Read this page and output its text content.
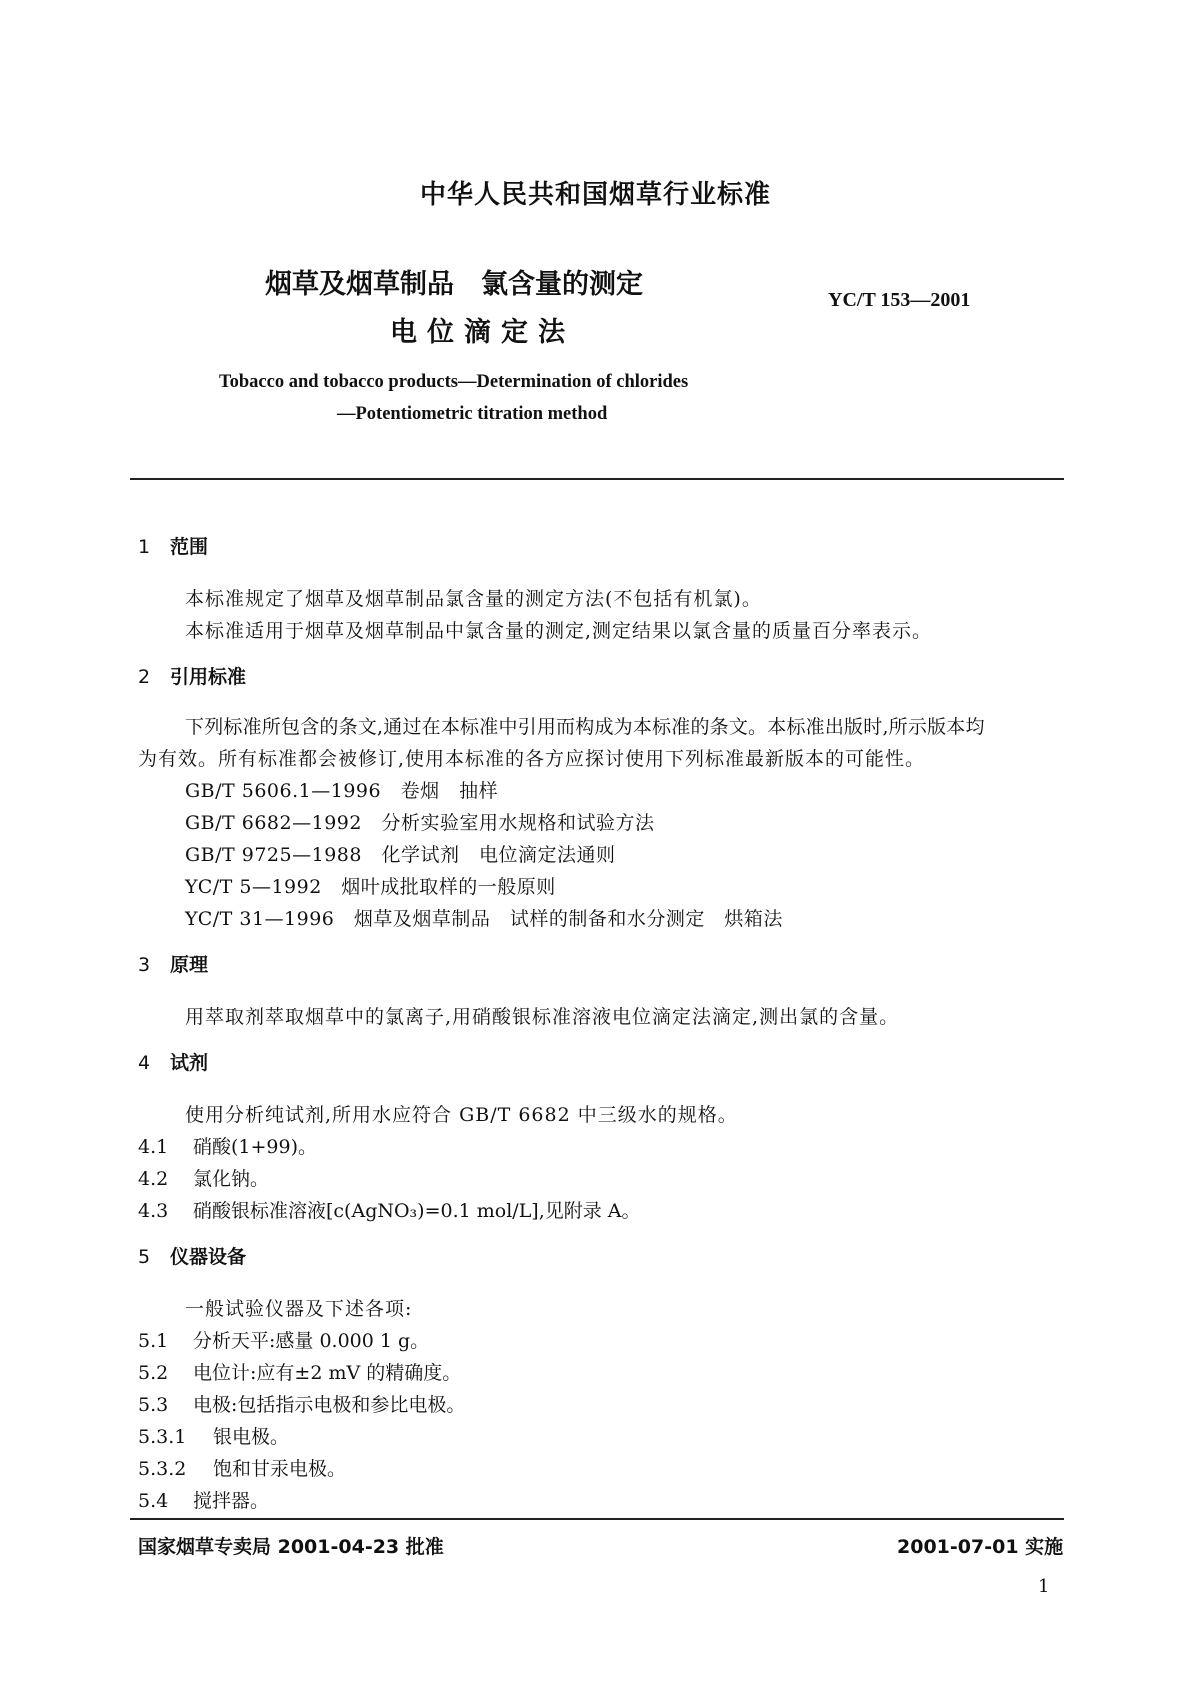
中华人民共和国烟草行业标准
烟草及烟草制品　氯含量的测定
电位滴定法
YC/T 153—2001
Tobacco and tobacco products—Determination of chlorides
—Potentiometric titration method
1 范围
本标准规定了烟草及烟草制品氯含量的测定方法(不包括有机氯)。
本标准适用于烟草及烟草制品中氯含量的测定,测定结果以氯含量的质量百分率表示。
2 引用标准
下列标准所包含的条文,通过在本标准中引用而构成为本标准的条文。本标准出版时,所示版本均
为有效。所有标准都会被修订,使用本标准的各方应探讨使用下列标准最新版本的可能性。
GB/T 5606.1—1996　卷烟　抽样
GB/T 6682—1992　分析实验室用水规格和试验方法
GB/T 9725—1988　化学试剂　电位滴定法通则
YC/T 5—1992　烟叶成批取样的一般原则
YC/T 31—1996　烟草及烟草制品　试样的制备和水分测定　烘箱法
3 原理
用萃取剂萃取烟草中的氯离子,用硝酸银标准溶液电位滴定法滴定,测出氯的含量。
4 试剂
使用分析纯试剂,所用水应符合 GB/T 6682 中三级水的规格。
4.1 硝酸(1+99)。
4.2 氯化钠。
4.3 硝酸银标准溶液[c(AgNO₃)=0.1 mol/L],见附录 A。
5 仪器设备
一般试验仪器及下述各项:
5.1 分析天平:感量 0.000 1 g。
5.2 电位计:应有±2 mV 的精确度。
5.3 电极:包括指示电极和参比电极。
5.3.1 银电极。
5.3.2 饱和甘汞电极。
5.4 搅拌器。
国家烟草专卖局 2001-04-23 批准	2001-07-01 实施
1
